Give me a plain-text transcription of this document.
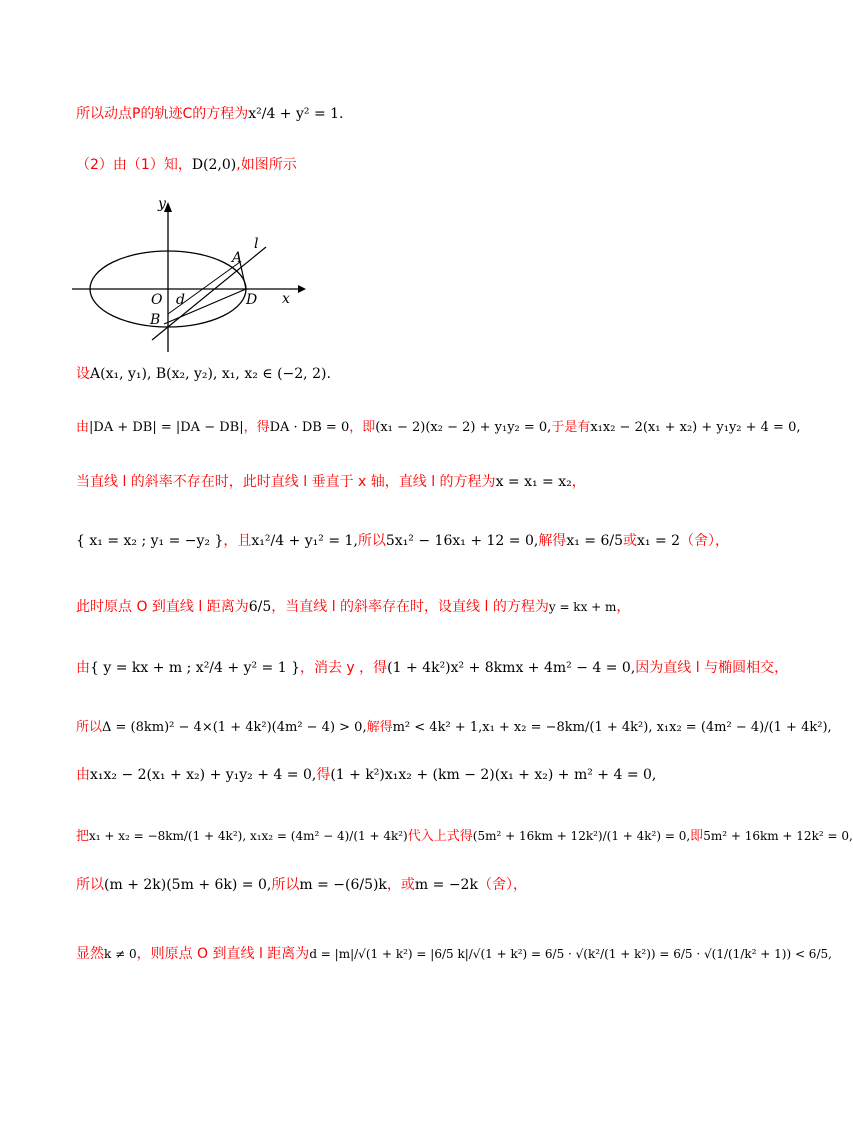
所以动点P的轨迹C的方程为x²/4 + y² = 1.
（2）由（1）知，D(2,0),如图所示
y
x
l
A
O d	D
B
设A(x₁, y₁), B(x₂, y₂), x₁, x₂ ∈ (−2, 2).
由|DA + DB| = |DA − DB|，得DA · DB = 0，即(x₁ − 2)(x₂ − 2) + y₁y₂ = 0,于是有x₁x₂ − 2(x₁ + x₂) + y₁y₂ + 4 = 0,
当直线 l 的斜率不存在时，此时直线 l 垂直于 x 轴，直线 l 的方程为x = x₁ = x₂，
{ x₁ = x₂ ; y₁ = −y₂ }，且x₁²/4 + y₁² = 1,所以5x₁² − 16x₁ + 12 = 0,解得x₁ = 6/5或x₁ = 2（舍），
此时原点 O 到直线 l 距离为6/5，当直线 l 的斜率存在时，设直线 l 的方程为y = kx + m，
由{ y = kx + m ; x²/4 + y² = 1 }，消去 y ，得(1 + 4k²)x² + 8kmx + 4m² − 4 = 0,因为直线 l 与椭圆相交，
所以Δ = (8km)² − 4×(1 + 4k²)(4m² − 4) > 0,解得m² < 4k² + 1,x₁ + x₂ = −8km/(1 + 4k²), x₁x₂ = (4m² − 4)/(1 + 4k²),
由x₁x₂ − 2(x₁ + x₂) + y₁y₂ + 4 = 0,得(1 + k²)x₁x₂ + (km − 2)(x₁ + x₂) + m² + 4 = 0,
把x₁ + x₂ = −8km/(1 + 4k²), x₁x₂ = (4m² − 4)/(1 + 4k²)代入上式得(5m² + 16km + 12k²)/(1 + 4k²) = 0,即5m² + 16km + 12k² = 0,
所以(m + 2k)(5m + 6k) = 0,所以m = −(6/5)k，或m = −2k（舍），
显然k ≠ 0，则原点 O 到直线 l 距离为d = |m|/√(1 + k²) = |6/5 k|/√(1 + k²) = 6/5 · √(k²/(1 + k²)) = 6/5 · √(1/(1/k² + 1)) < 6/5,
